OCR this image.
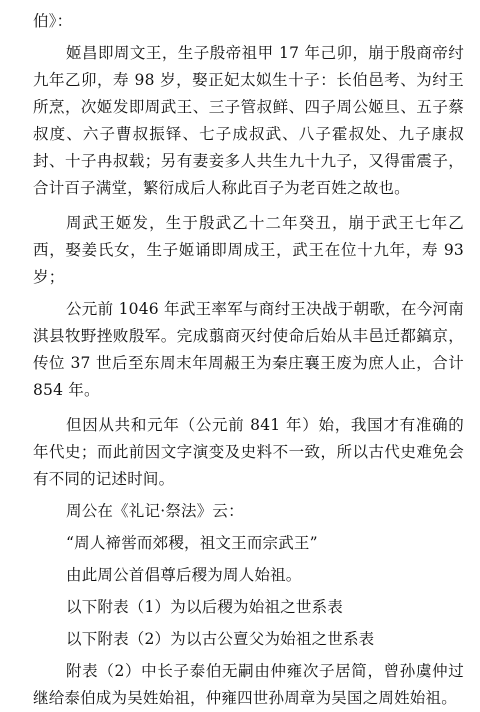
伯》：

姬昌即周文王，生子殷帝祖甲 17 年己卯，崩于殷商帝纣九年乙卯，寿 98 岁，娶正妃太姒生十子：长伯邑考、为纣王所烹，次姬发即周武王、三子管叔鲜、四子周公姬旦、五子蔡叔度、六子曹叔振铎、七子成叔武、八子霍叔处、九子康叔封、十子冉叔载；另有妻妾多人共生九十九子，又得雷震子，合计百子满堂，繁衍成后人称此百子为老百姓之故也。

周武王姬发，生于殷武乙十二年癸丑，崩于武王七年乙西，娶姜氏女，生子姬诵即周成王，武王在位十九年，寿 93 岁；

公元前 1046 年武王率军与商纣王决战于朝歌，在今河南淇县牧野挫败殷军。完成翦商灭纣使命后始从丰邑迁都鎬京，传位 37 世后至东周末年周赧王为秦庄襄王废为庶人止，合计 854 年。

但因从共和元年（公元前 841 年）始，我国才有准确的年代史；而此前因文字演变及史料不一致，所以古代史难免会有不同的记述时间。

周公在《礼记·祭法》云：

“周人禘喾而郊稷，祖文王而宗武王”

由此周公首倡尊后稷为周人始祖。

以下附表（1）为以后稷为始祖之世系表

以下附表（2）为以古公亶父为始祖之世系表

附表（2）中长子泰伯无嗣由仲雍次子居简，曾孙虞仲过继给泰伯成为吴姓始祖，仲雍四世孙周章为吴国之周姓始祖。
